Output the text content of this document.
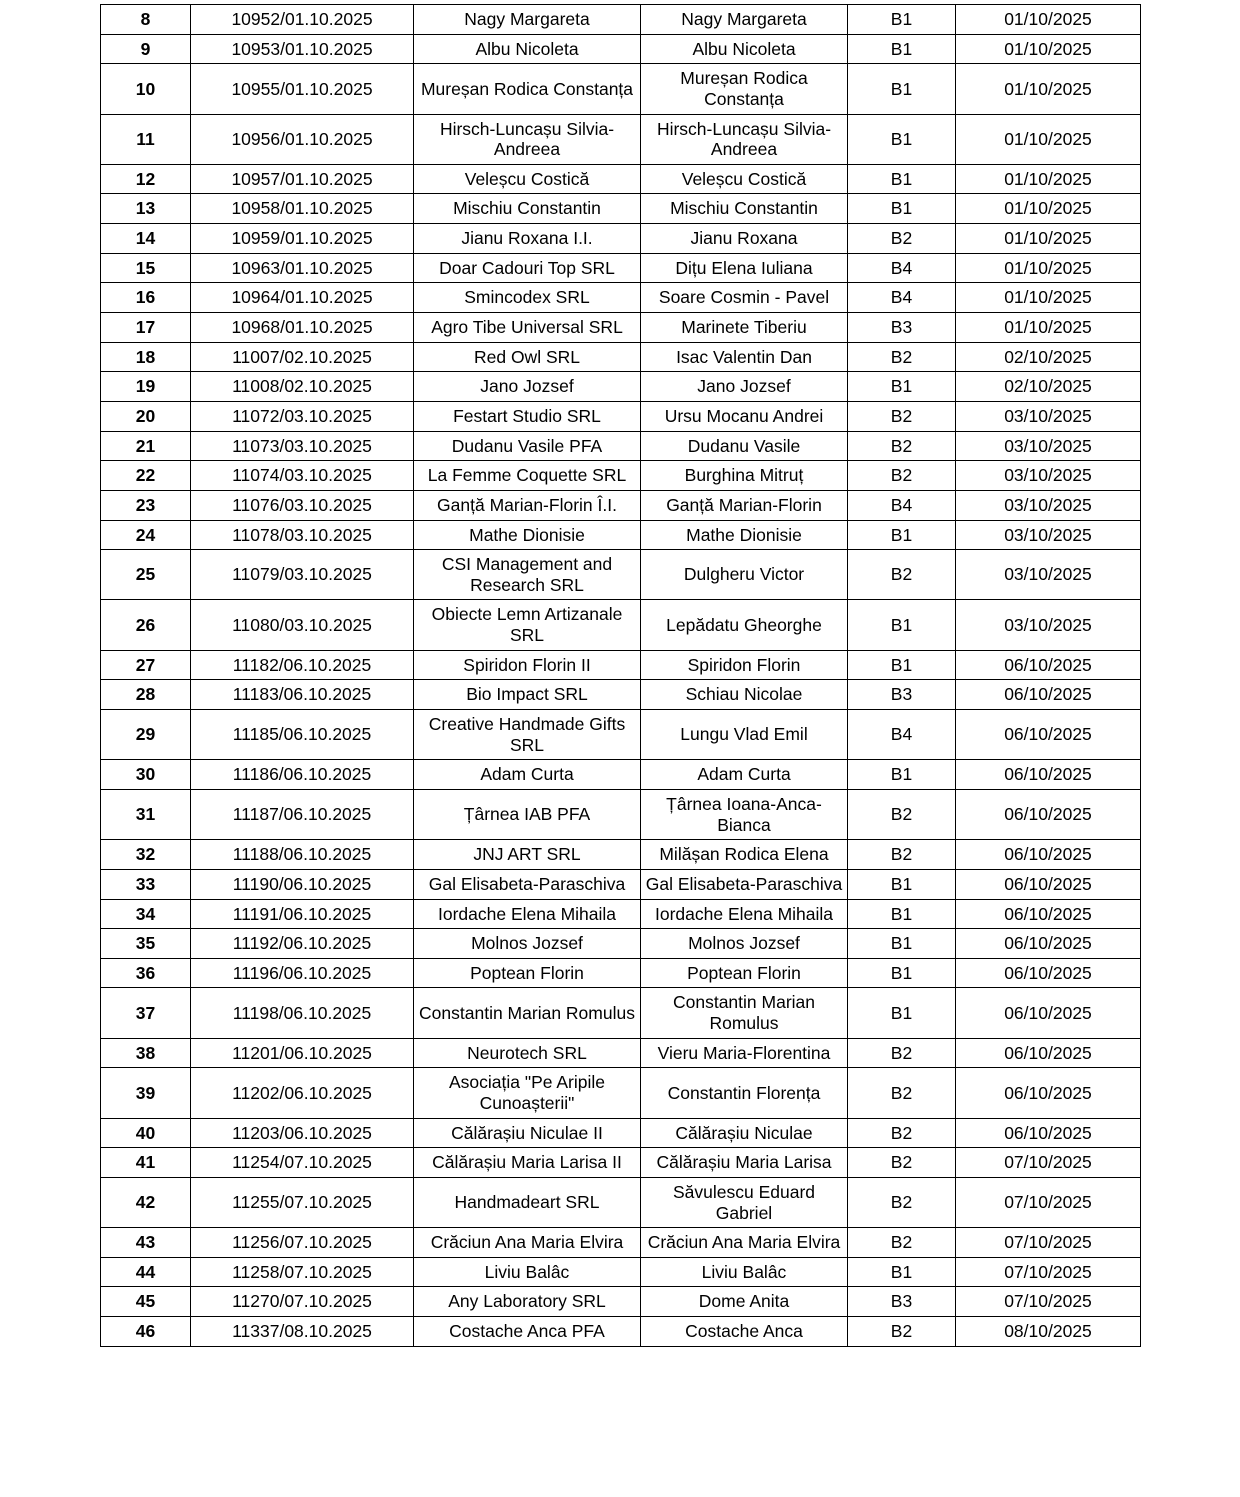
8	10952/01.10.2025	Nagy Margareta	Nagy Margareta	B1	01/10/2025
9	10953/01.10.2025	Albu Nicoleta	Albu Nicoleta	B1	01/10/2025
10	10955/01.10.2025	Mureșan Rodica Constanța	Mureșan Rodica Constanța	B1	01/10/2025
11	10956/01.10.2025	Hirsch-Luncașu Silvia-Andreea	Hirsch-Luncașu Silvia-Andreea	B1	01/10/2025
12	10957/01.10.2025	Veleșcu Costică	Veleșcu Costică	B1	01/10/2025
13	10958/01.10.2025	Mischiu Constantin	Mischiu Constantin	B1	01/10/2025
14	10959/01.10.2025	Jianu Roxana I.I.	Jianu Roxana	B2	01/10/2025
15	10963/01.10.2025	Doar Cadouri Top SRL	Dițu Elena Iuliana	B4	01/10/2025
16	10964/01.10.2025	Smincodex SRL	Soare Cosmin - Pavel	B4	01/10/2025
17	10968/01.10.2025	Agro Tibe Universal SRL	Marinete Tiberiu	B3	01/10/2025
18	11007/02.10.2025	Red Owl SRL	Isac Valentin Dan	B2	02/10/2025
19	11008/02.10.2025	Jano Jozsef	Jano Jozsef	B1	02/10/2025
20	11072/03.10.2025	Festart Studio SRL	Ursu Mocanu Andrei	B2	03/10/2025
21	11073/03.10.2025	Dudanu Vasile PFA	Dudanu Vasile	B2	03/10/2025
22	11074/03.10.2025	La Femme Coquette SRL	Burghina Mitruț	B2	03/10/2025
23	11076/03.10.2025	Ganță Marian-Florin Î.I.	Ganță Marian-Florin	B4	03/10/2025
24	11078/03.10.2025	Mathe Dionisie	Mathe Dionisie	B1	03/10/2025
25	11079/03.10.2025	CSI Management and Research SRL	Dulgheru Victor	B2	03/10/2025
26	11080/03.10.2025	Obiecte Lemn Artizanale SRL	Lepădatu Gheorghe	B1	03/10/2025
27	11182/06.10.2025	Spiridon Florin II	Spiridon Florin	B1	06/10/2025
28	11183/06.10.2025	Bio Impact SRL	Schiau Nicolae	B3	06/10/2025
29	11185/06.10.2025	Creative Handmade Gifts SRL	Lungu Vlad Emil	B4	06/10/2025
30	11186/06.10.2025	Adam Curta	Adam Curta	B1	06/10/2025
31	11187/06.10.2025	Țârnea IAB PFA	Țârnea Ioana-Anca-Bianca	B2	06/10/2025
32	11188/06.10.2025	JNJ ART SRL	Milășan Rodica Elena	B2	06/10/2025
33	11190/06.10.2025	Gal Elisabeta-Paraschiva	Gal Elisabeta-Paraschiva	B1	06/10/2025
34	11191/06.10.2025	Iordache Elena Mihaila	Iordache Elena Mihaila	B1	06/10/2025
35	11192/06.10.2025	Molnos Jozsef	Molnos Jozsef	B1	06/10/2025
36	11196/06.10.2025	Poptean Florin	Poptean Florin	B1	06/10/2025
37	11198/06.10.2025	Constantin Marian Romulus	Constantin Marian Romulus	B1	06/10/2025
38	11201/06.10.2025	Neurotech SRL	Vieru Maria-Florentina	B2	06/10/2025
39	11202/06.10.2025	Asociația "Pe Aripile Cunoașterii"	Constantin Florența	B2	06/10/2025
40	11203/06.10.2025	Călărașiu Niculae II	Călărașiu Niculae	B2	06/10/2025
41	11254/07.10.2025	Călărașiu Maria Larisa II	Călărașiu Maria Larisa	B2	07/10/2025
42	11255/07.10.2025	Handmadeart SRL	Săvulescu Eduard Gabriel	B2	07/10/2025
43	11256/07.10.2025	Crăciun Ana Maria Elvira	Crăciun Ana Maria Elvira	B2	07/10/2025
44	11258/07.10.2025	Liviu Balâc	Liviu Balâc	B1	07/10/2025
45	11270/07.10.2025	Any Laboratory SRL	Dome Anita	B3	07/10/2025
46	11337/08.10.2025	Costache Anca PFA	Costache Anca	B2	08/10/2025
